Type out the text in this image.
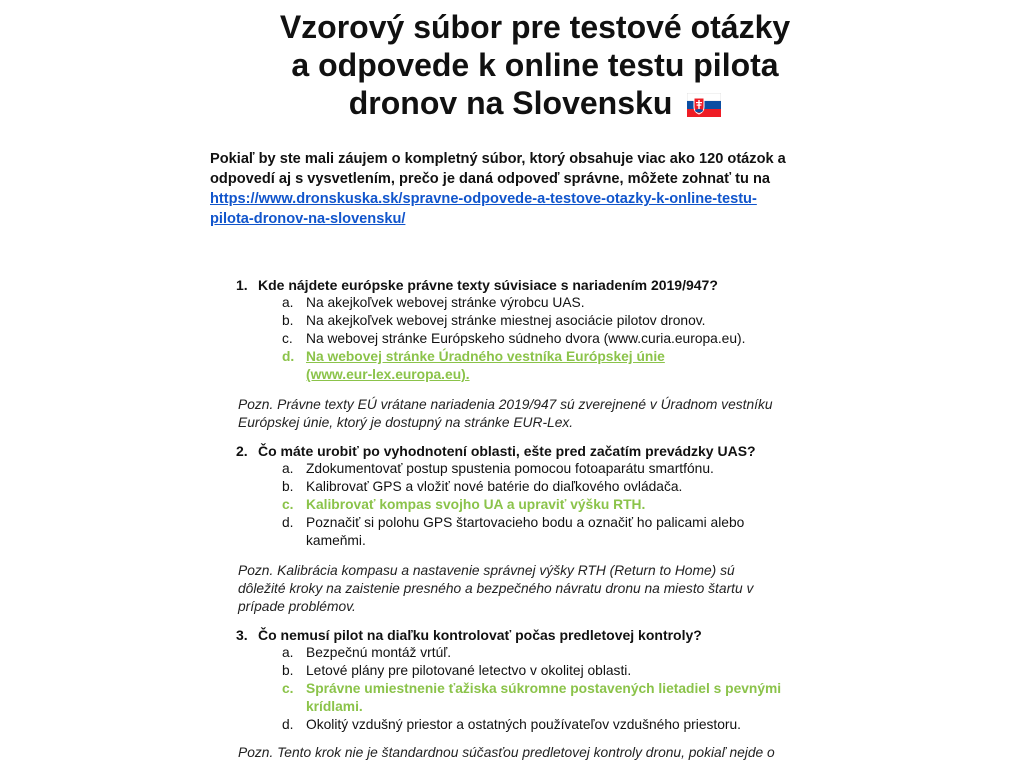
Vzorový súbor pre testové otázky
a odpovede k online testu pilota
dronov na Slovensku

Pokiaľ by ste mali záujem o kompletný súbor, ktorý obsahuje viac ako 120 otázok a odpovedí aj s vysvetlením, prečo je daná odpoveď správne, môžete zohnať tu na

https://www.dronskuska.sk/spravne-odpovede-a-testove-otazky-k-online-testu-
pilota-dronov-na-slovensku/
1. Kde nájdete európske právne texty súvisiace s nariadením 2019/947?
a. Na akejkoľvek webovej stránke výrobcu UAS.
b. Na akejkoľvek webovej stránke miestnej asociácie pilotov dronov.
c. Na webovej stránke Európskeho súdneho dvora (www.curia.europa.eu).
d. Na webovej stránke Úradného vestníka Európskej únie
(www.eur-lex.europa.eu).
Pozn. Právne texty EÚ vrátane nariadenia 2019/947 sú zverejnené v Úradnom vestníku
Európskej únie, ktorý je dostupný na stránke EUR-Lex.
2. Čo máte urobiť po vyhodnotení oblasti, ešte pred začatím prevádzky UAS?
a. Zdokumentovať postup spustenia pomocou fotoaparátu smartfónu.
b. Kalibrovať GPS a vložiť nové batérie do diaľkového ovládača.
c. Kalibrovať kompas svojho UA a upraviť výšku RTH.
d. Poznačiť si polohu GPS štartovacieho bodu a označiť ho palicami alebo
kameňmi.
Pozn. Kalibrácia kompasu a nastavenie správnej výšky RTH (Return to Home) sú
dôležité kroky na zaistenie presného a bezpečného návratu dronu na miesto štartu v
prípade problémov.
3. Čo nemusí pilot na diaľku kontrolovať počas predletovej kontroly?
a. Bezpečnú montáž vrtúľ.
b. Letové plány pre pilotované letectvo v okolitej oblasti.
c. Správne umiestnenie ťažiska súkromne postavených lietadiel s pevnými
krídlami.
d. Okolitý vzdušný priestor a ostatných používateľov vzdušného priestoru.
Pozn. Tento krok nie je štandardnou súčasťou predletovej kontroly dronu, pokiaľ nejde o
